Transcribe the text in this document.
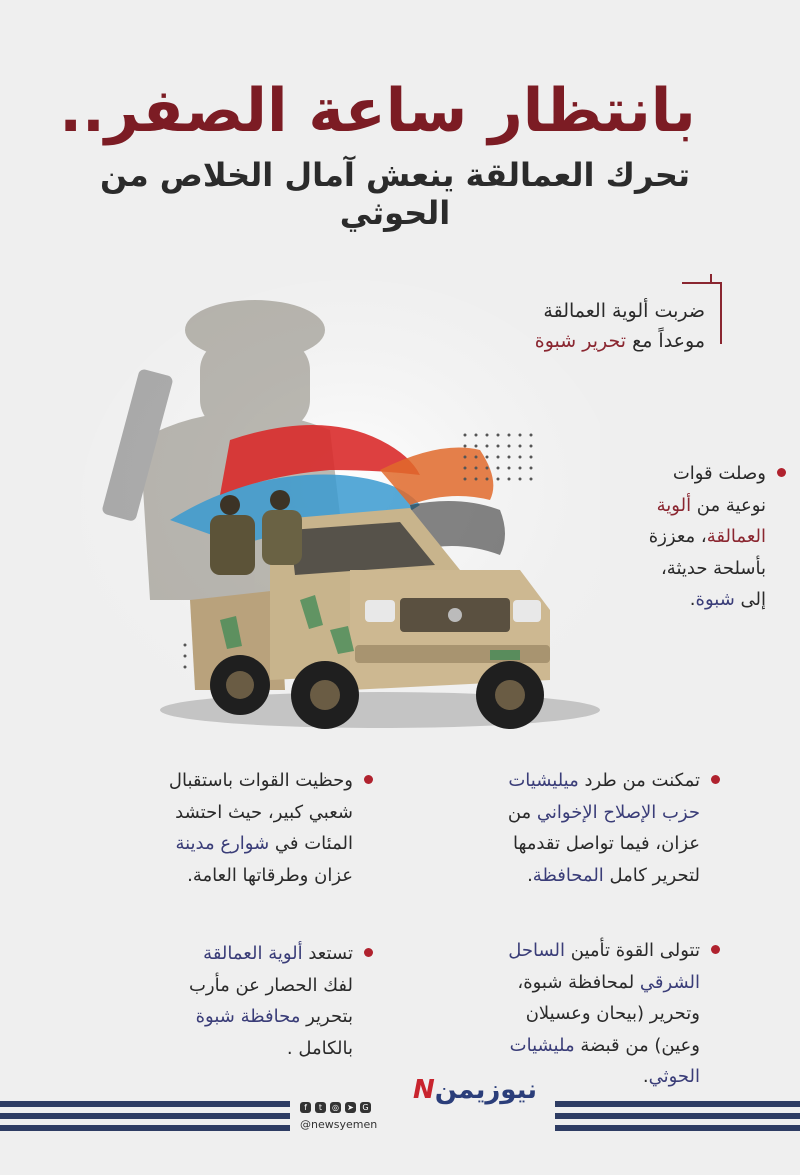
بانتظار ساعة الصفر..
تحرك العمالقة ينعش آمال الخلاص من الحوثي
ضربت ألوية العمالقة
موعداً مع تحرير شبوة
وصلت قوات
نوعية من ألوية
العمالقة، معززة
بأسلحة حديثة،
إلى شبوة.
تمكنت من طرد ميليشيات
حزب الإصلاح الإخواني من
عزان، فيما تواصل تقدمها
لتحرير كامل المحافظة.
وحظيت القوات باستقبال
شعبي كبير، حيث احتشد
المئات في شوارع مدينة
عزان وطرقاتها العامة.
تتولى القوة تأمين الساحل
الشرقي لمحافظة شبوة،
وتحرير (بيحان وعسيلان
وعين) من قبضة مليشيات
الحوثي.
تستعد ألوية العمالقة
لفك الحصار عن مأرب
بتحرير محافظة شبوة
بالكامل .
نيوزيمنN
f	t	◎ ➤ G
@newsyemen
